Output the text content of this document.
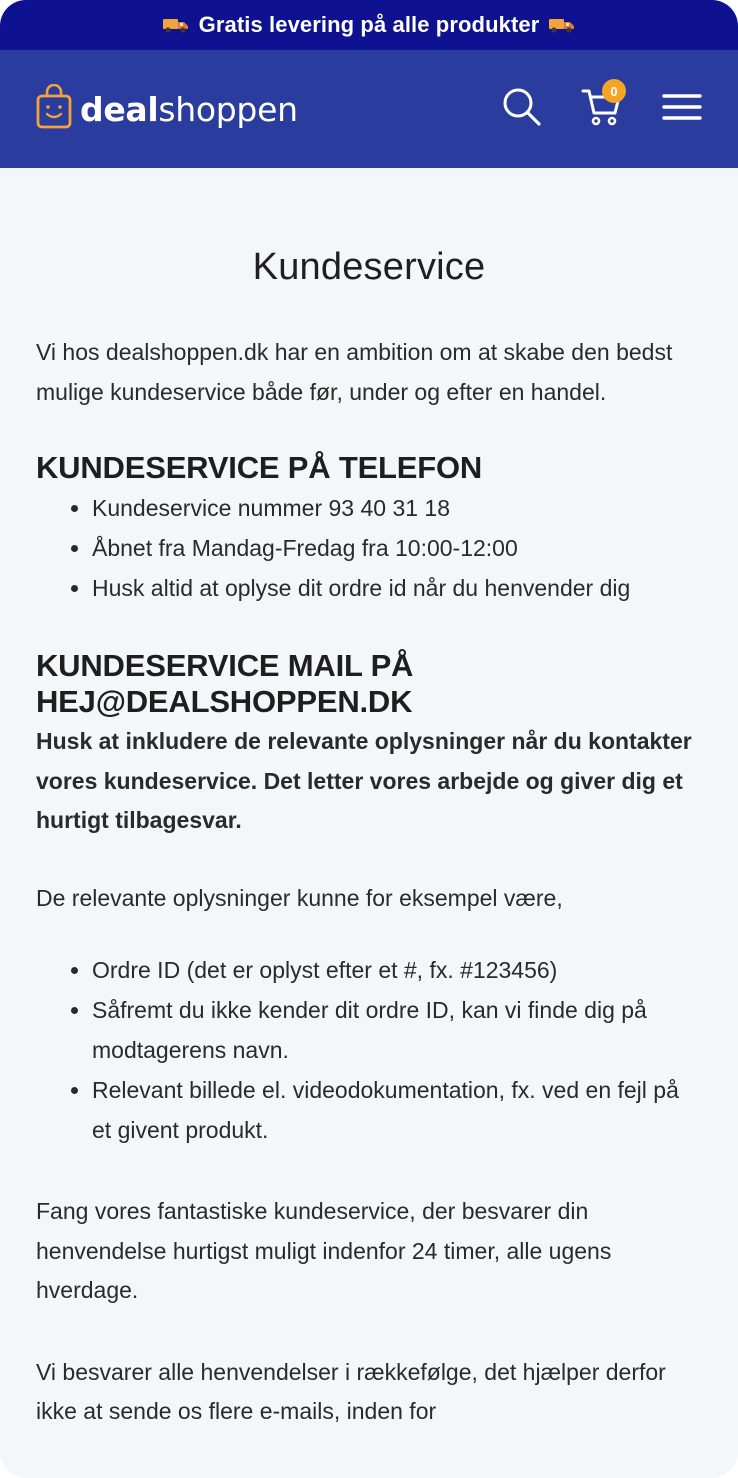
Gratis levering på alle produkter
dealshoppen	0
Kundeservice

Vi hos dealshoppen.dk har en ambition om at skabe den bedst mulige kundeservice både før, under og efter en handel.

KUNDESERVICE PÅ TELEFON
• Kundeservice nummer 93 40 31 18
• Åbnet fra Mandag-Fredag fra 10:00-12:00
• Husk altid at oplyse dit ordre id når du henvender dig
KUNDESERVICE MAIL PÅ HEJ@DEALSHOPPEN.DK

Husk at inkludere de relevante oplysninger når du kontakter vores kundeservice. Det letter vores arbejde og giver dig et hurtigt tilbagesvar.

De relevante oplysninger kunne for eksempel være,

• Ordre ID (det er oplyst efter et #, fx. #123456)
• Såfremt du ikke kender dit ordre ID, kan vi finde dig på modtagerens navn.
• Relevant billede el. videodokumentation, fx. ved en fejl på et givent produkt.

Fang vores fantastiske kundeservice, der besvarer din henvendelse hurtigst muligt indenfor 24 timer, alle ugens hverdage.

Vi besvarer alle henvendelser i rækkefølge, det hjælper derfor ikke at sende os flere e-mails, inden for
